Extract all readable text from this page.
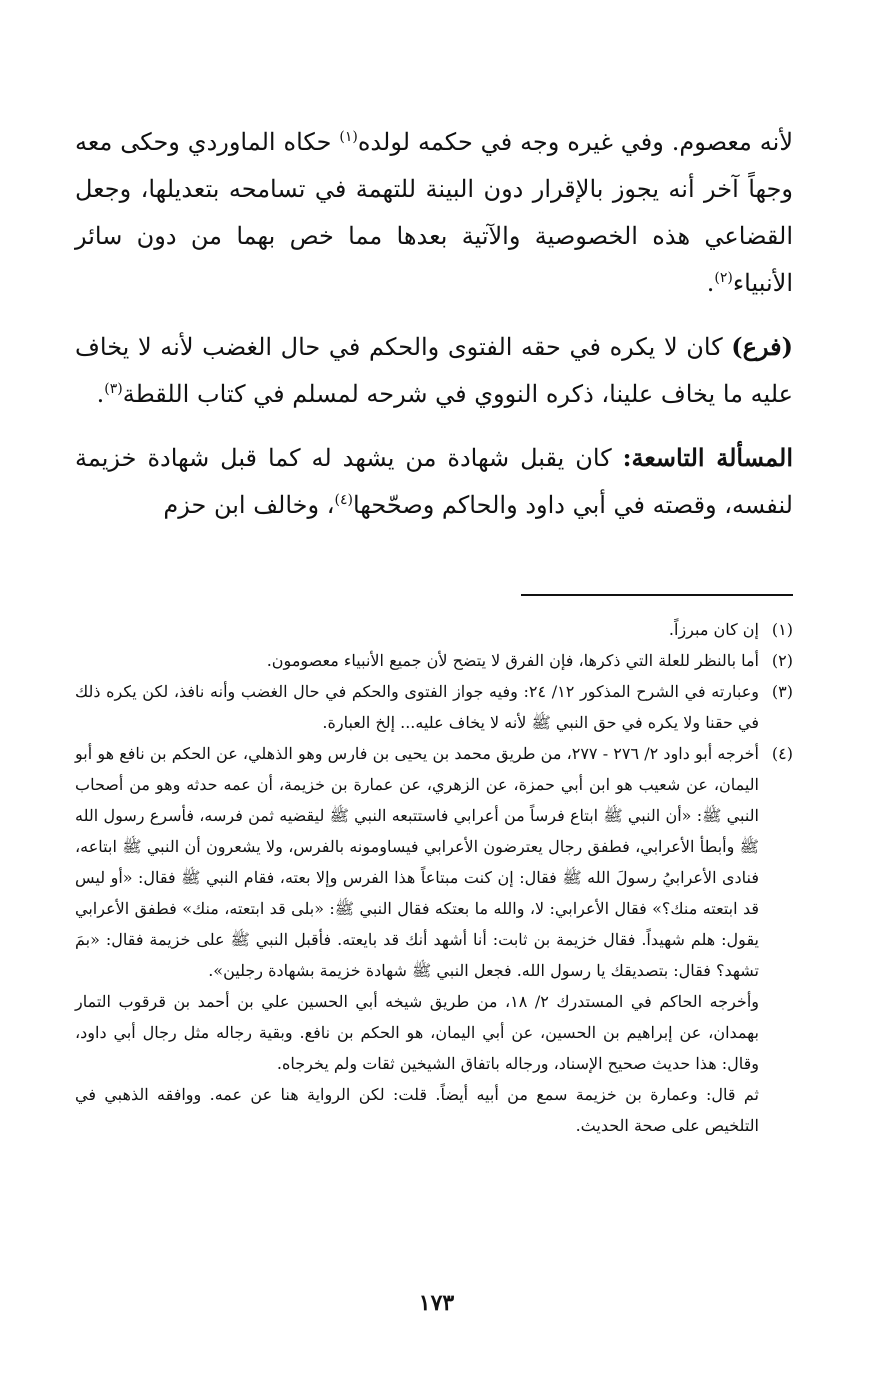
لأنه معصوم. وفي غيره وجه في حكمه لولده$^{(١)}$ حكاه الماوردي وحكى معه وجهاً آخر أنه يجوز بالإقرار دون البينة للتهمة في تسامحه بتعديلها، وجعل القضاعي هذه الخصوصية والآتية بعدها مما خص بهما من دون سائر الأنبياء$^{(٢)}$.

(فرع) كان لا يكره في حقه الفتوى والحكم في حال الغضب لأنه لا يخاف عليه ما يخاف علينا، ذكره النووي في شرحه لمسلم في كتاب اللقطة$^{(٣)}$.

المسألة التاسعة: كان يقبل شهادة من يشهد له كما قبل شهادة خزيمة لنفسه، وقصته في أبي داود والحاكم وصحّحها$^{(٤)}$، وخالف ابن حزم

(١)

إن كان مبرزاً.

(٢)

أما بالنظر للعلة التي ذكرها، فإن الفرق لا يتضح لأن جميع الأنبياء معصومون.

(٣)

وعبارته في الشرح المذكور ١٢/ ٢٤: وفيه جواز الفتوى والحكم في حال الغضب وأنه نافذ، لكن يكره ذلك في حقنا ولا يكره في حق النبي ﷺ لأنه لا يخاف عليه... إلخ العبارة.

(٤)

أخرجه أبو داود ٢/ ٢٧٦ - ٢٧٧، من طريق محمد بن يحيى بن فارس وهو الذهلي، عن الحكم بن نافع هو أبو اليمان، عن شعيب هو ابن أبي حمزة، عن الزهري، عن عمارة بن خزيمة، أن عمه حدثه وهو من أصحاب النبي ﷺ: «أن النبي ﷺ ابتاع فرساً من أعرابي فاستتبعه النبي ﷺ ليقضيه ثمن فرسه، فأسرع رسول الله ﷺ وأبطأ الأعرابي، فطفق رجال يعترضون الأعرابي فيساومونه بالفرس، ولا يشعرون أن النبي ﷺ ابتاعه، فنادى الأعرابيُ رسولَ الله ﷺ فقال: إن كنت مبتاعاً هذا الفرس وإلا بعته، فقام النبي ﷺ فقال: «أو ليس قد ابتعته منك؟» فقال الأعرابي: لا، والله ما بعتكه فقال النبي ﷺ: «بلى قد ابتعته، منك» فطفق الأعرابي يقول: هلم شهيداً. فقال خزيمة بن ثابت: أنا أشهد أنك قد بايعته. فأقبل النبي ﷺ على خزيمة فقال: «بمَ تشهد؟ فقال: بتصديقك يا رسول الله. فجعل النبي ﷺ شهادة خزيمة بشهادة رجلين».

وأخرجه الحاكم في المستدرك ٢/ ١٨، من طريق شيخه أبي الحسين علي بن أحمد بن قرقوب التمار بهمدان، عن إبراهيم بن الحسين، عن أبي اليمان، هو الحكم بن نافع. وبقية رجاله مثل رجال أبي داود، وقال: هذا حديث صحيح الإسناد، ورجاله باتفاق الشيخين ثقات ولم يخرجاه.

ثم قال: وعمارة بن خزيمة سمع من أبيه أيضاً. قلت: لكن الرواية هنا عن عمه. ووافقه الذهبي في التلخيص على صحة الحديث.

١٧٣
